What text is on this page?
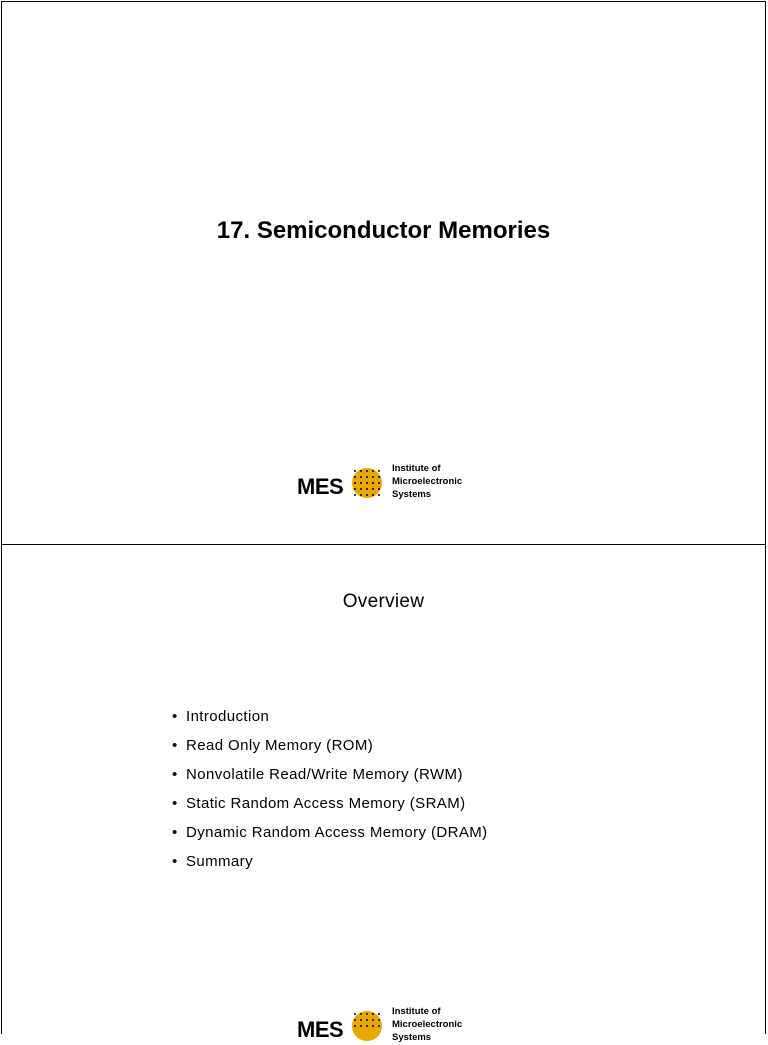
17. Semiconductor Memories
MES
Institute of
Microelectronic
Systems
Overview
• Introduction
• Read Only Memory (ROM)
• Nonvolatile Read/Write Memory (RWM)
• Static Random Access Memory (SRAM)
• Dynamic Random Access Memory (DRAM)
• Summary
MES
Institute of
Microelectronic
Systems
